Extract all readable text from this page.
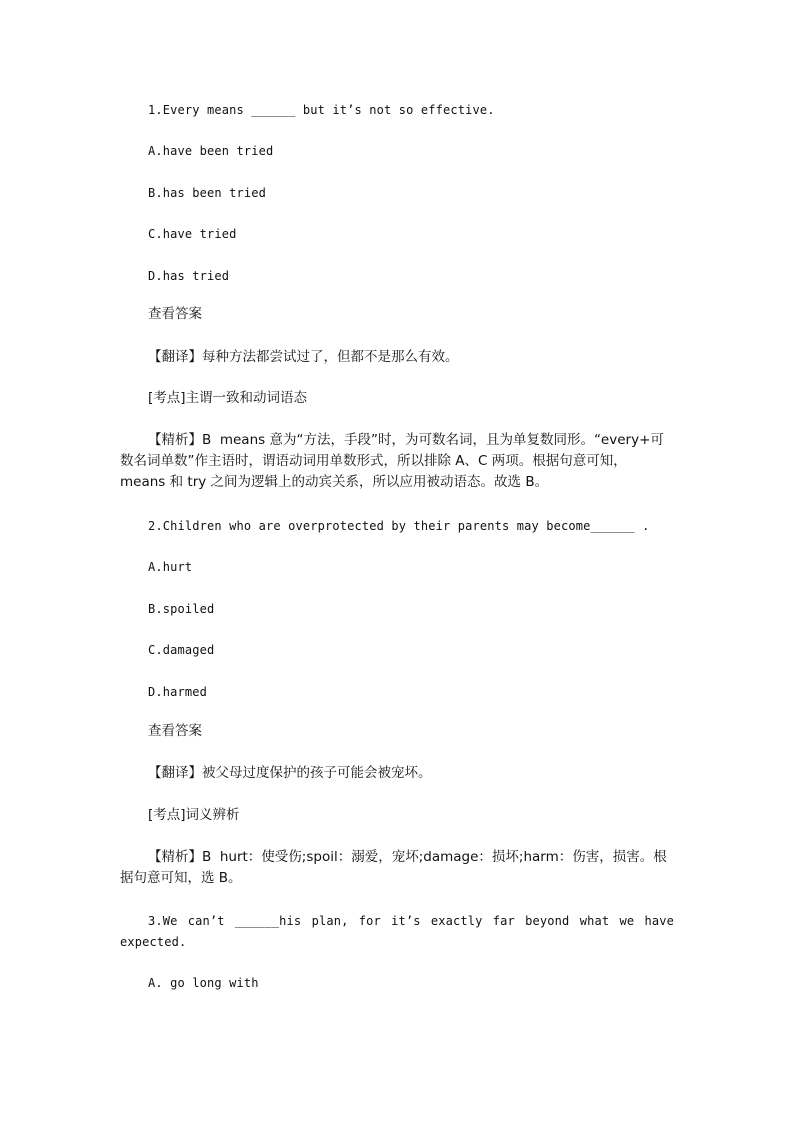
1.Every means ______ but it’s not so effective.
A.have been tried
B.has been tried
C.have tried
D.has tried
查看答案
【翻译】每种方法都尝试过了，但都不是那么有效。
[考点]主谓一致和动词语态
【精析】B  means 意为“方法，手段”时，为可数名词，且为单复数同形。“every+可
数名词单数”作主语时，谓语动词用单数形式，所以排除 A、C 两项。根据句意可知，
means 和 try 之间为逻辑上的动宾关系，所以应用被动语态。故选 B。
2.Children who are overprotected by their parents may become______ .
A.hurt
B.spoiled
C.damaged
D.harmed
查看答案
【翻译】被父母过度保护的孩子可能会被宠坏。
[考点]词义辨析
【精析】B  hurt：使受伤;spoil：溺爱，宠坏;damage：损坏;harm：伤害，损害。根
据句意可知，选 B。
3.We can’t ______his plan, for it’s exactly far beyond what we have
expected.
A. go long with
